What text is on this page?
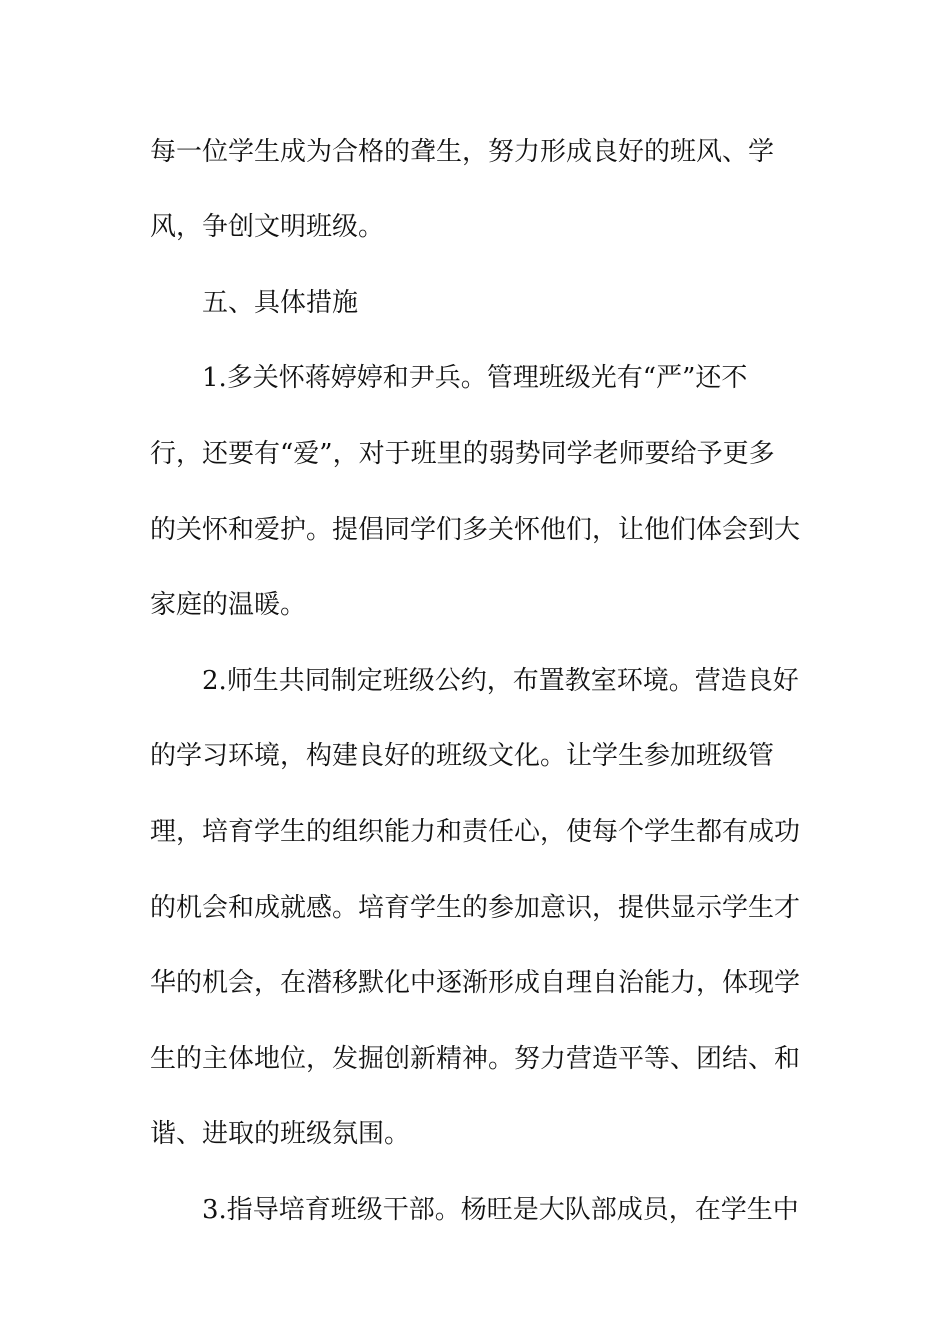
每一位学生成为合格的聋生，努力形成良好的班风、学
风，争创文明班级。
五、具体措施
1.多关怀蒋婷婷和尹兵。管理班级光有“严”还不
行，还要有“爱”，对于班里的弱势同学老师要给予更多
的关怀和爱护。提倡同学们多关怀他们，让他们体会到大
家庭的温暖。
2.师生共同制定班级公约，布置教室环境。营造良好
的学习环境，构建良好的班级文化。让学生参加班级管
理，培育学生的组织能力和责任心，使每个学生都有成功
的机会和成就感。培育学生的参加意识，提供显示学生才
华的机会，在潜移默化中逐渐形成自理自治能力，体现学
生的主体地位，发掘创新精神。努力营造平等、团结、和
谐、进取的班级氛围。
3.指导培育班级干部。杨旺是大队部成员，在学生中
